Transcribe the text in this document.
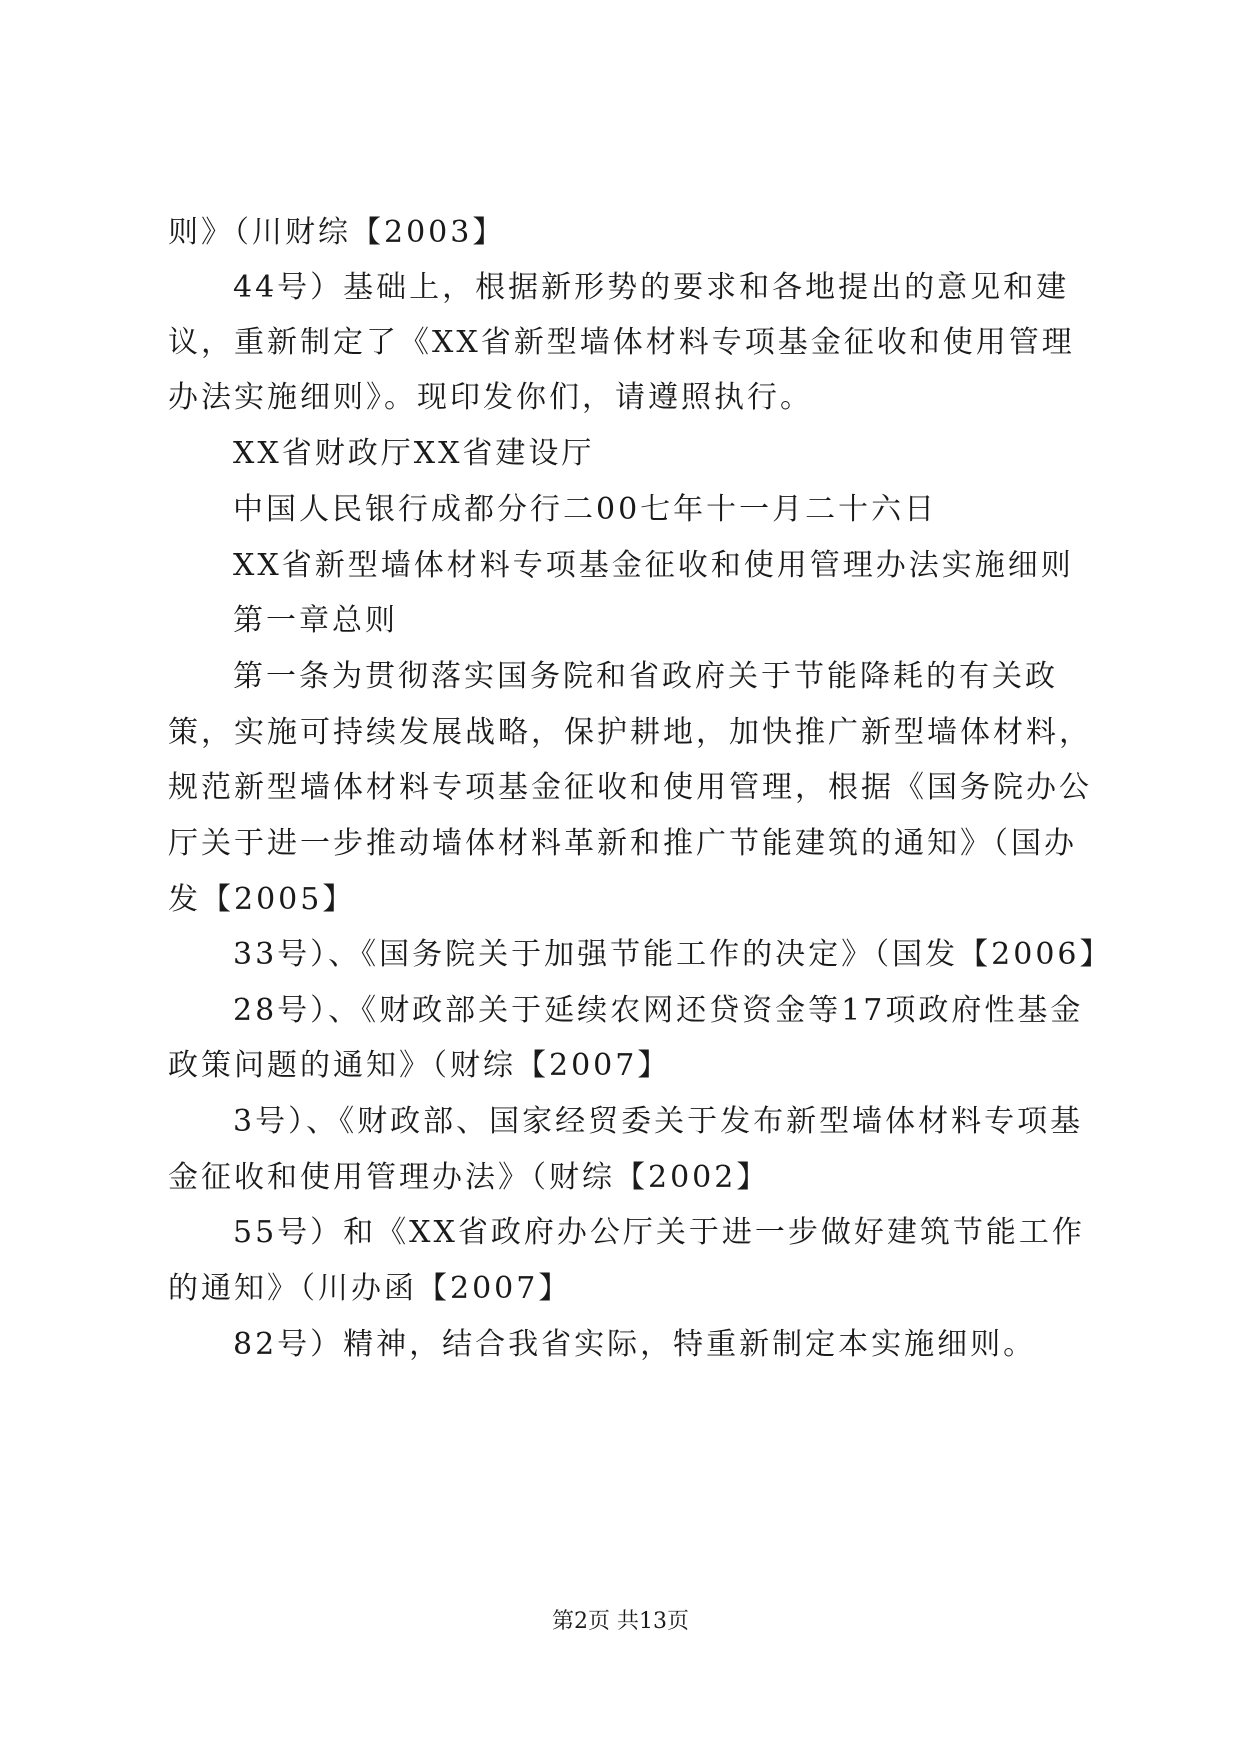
则》（川财综【2003】
44号）基础上，根据新形势的要求和各地提出的意见和建
议，重新制定了《XX省新型墙体材料专项基金征收和使用管理
办法实施细则》。现印发你们，请遵照执行。
XX省财政厅XX省建设厅
中国人民银行成都分行二00七年十一月二十六日
XX省新型墙体材料专项基金征收和使用管理办法实施细则
第一章总则
第一条为贯彻落实国务院和省政府关于节能降耗的有关政
策，实施可持续发展战略，保护耕地，加快推广新型墙体材料，
规范新型墙体材料专项基金征收和使用管理，根据《国务院办公
厅关于进一步推动墙体材料革新和推广节能建筑的通知》（国办
发【2005】
33号）、《国务院关于加强节能工作的决定》（国发【2006】
28号）、《财政部关于延续农网还贷资金等17项政府性基金
政策问题的通知》（财综【2007】
3号）、《财政部、国家经贸委关于发布新型墙体材料专项基
金征收和使用管理办法》（财综【2002】
55号）和《XX省政府办公厅关于进一步做好建筑节能工作
的通知》（川办函【2007】
82号）精神，结合我省实际，特重新制定本实施细则。
第2页 共13页
